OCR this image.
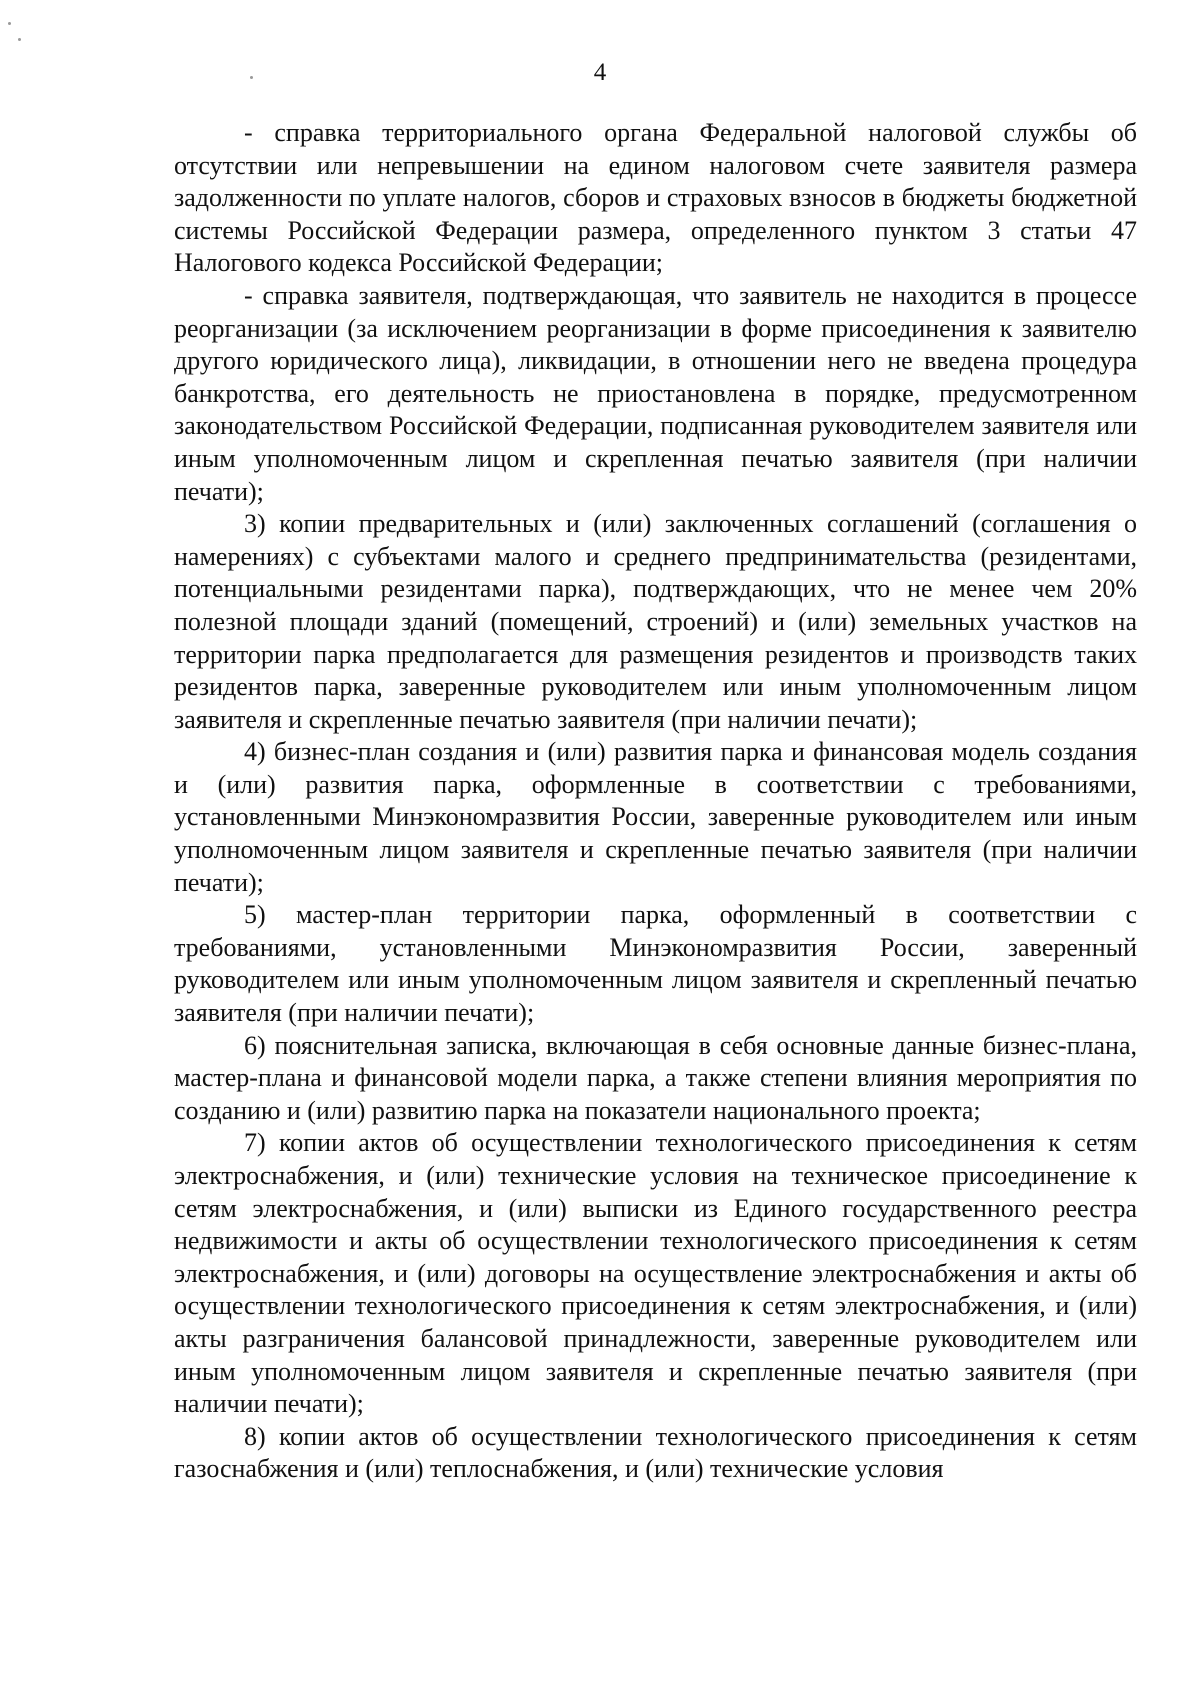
4

- справка территориального органа Федеральной налоговой службы об отсутствии или непревышении на едином налоговом счете заявителя размера задолженности по уплате налогов, сборов и страховых взносов в бюджеты бюджетной системы Российской Федерации размера, определенного пунктом 3 статьи 47 Налогового кодекса Российской Федерации;

- справка заявителя, подтверждающая, что заявитель не находится в процессе реорганизации (за исключением реорганизации в форме присоединения к заявителю другого юридического лица), ликвидации, в отношении него не введена процедура банкротства, его деятельность не приостановлена в порядке, предусмотренном законодательством Российской Федерации, подписанная руководителем заявителя или иным уполномоченным лицом и скрепленная печатью заявителя (при наличии печати);

3) копии предварительных и (или) заключенных соглашений (соглашения о намерениях) с субъектами малого и среднего предпринимательства (резидентами, потенциальными резидентами парка), подтверждающих, что не менее чем 20% полезной площади зданий (помещений, строений) и (или) земельных участков на территории парка предполагается для размещения резидентов и производств таких резидентов парка, заверенные руководителем или иным уполномоченным лицом заявителя и скрепленные печатью заявителя (при наличии печати);

4) бизнес-план создания и (или) развития парка и финансовая модель создания и (или) развития парка, оформленные в соответствии с требованиями, установленными Минэкономразвития России, заверенные руководителем или иным уполномоченным лицом заявителя и скрепленные печатью заявителя (при наличии печати);

5) мастер-план территории парка, оформленный в соответствии с требованиями, установленными Минэкономразвития России, заверенный руководителем или иным уполномоченным лицом заявителя и скрепленный печатью заявителя (при наличии печати);

6) пояснительная записка, включающая в себя основные данные бизнес-плана, мастер-плана и финансовой модели парка, а также степени влияния мероприятия по созданию и (или) развитию парка на показатели национального проекта;

7) копии актов об осуществлении технологического присоединения к сетям электроснабжения, и (или) технические условия на техническое присоединение к сетям электроснабжения, и (или) выписки из Единого государственного реестра недвижимости и акты об осуществлении технологического присоединения к сетям электроснабжения, и (или) договоры на осуществление электроснабжения и акты об осуществлении технологического присоединения к сетям электроснабжения, и (или) акты разграничения балансовой принадлежности, заверенные руководителем или иным уполномоченным лицом заявителя и скрепленные печатью заявителя (при наличии печати);

8) копии актов об осуществлении технологического присоединения к сетям газоснабжения и (или) теплоснабжения, и (или) технические условия
